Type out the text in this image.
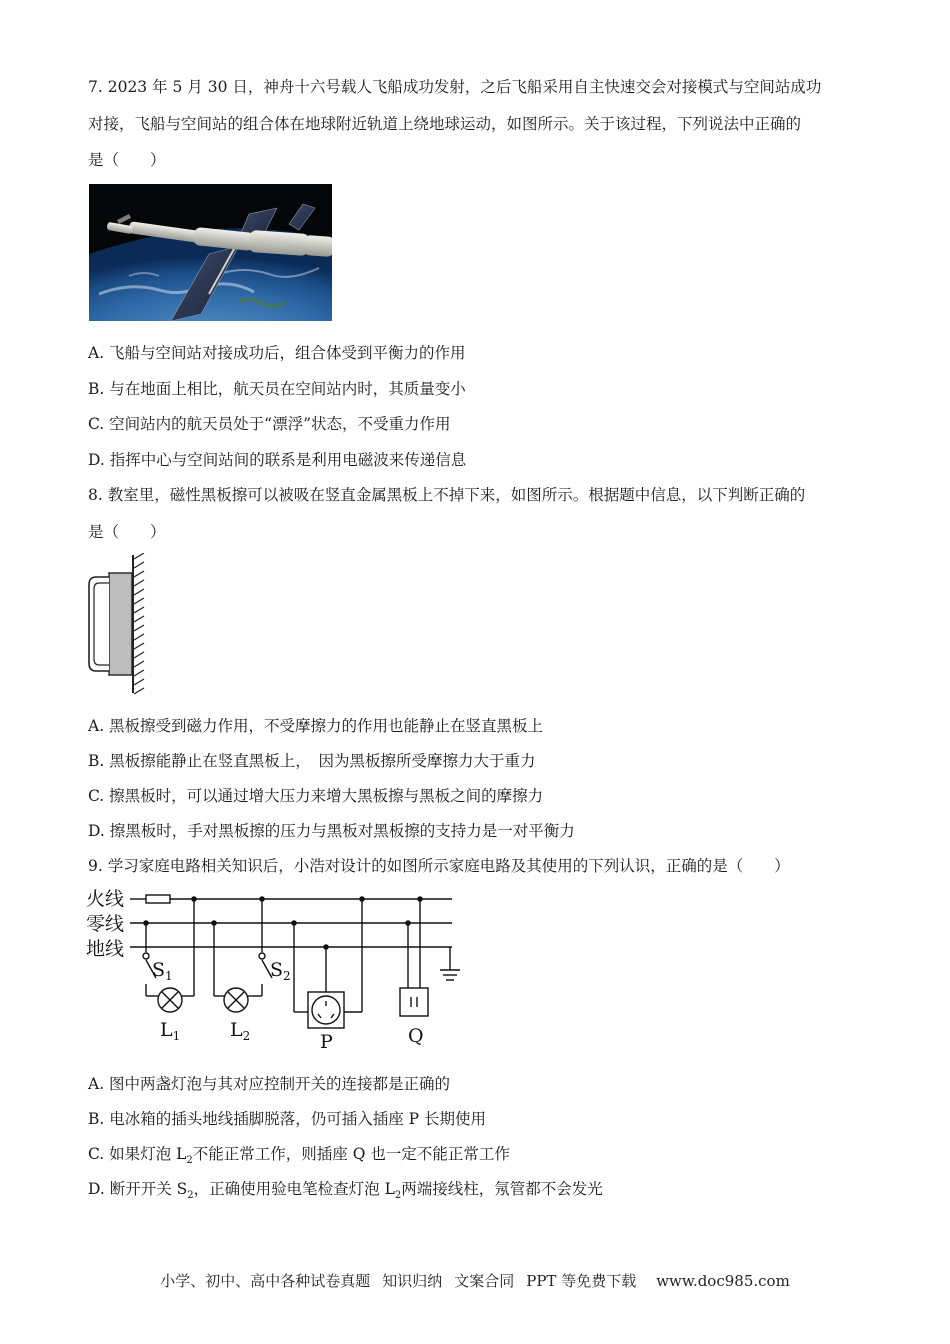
7. 2023 年 5 月 30 日，神舟十六号载人飞船成功发射，之后飞船采用自主快速交会对接模式与空间站成功
对接，飞船与空间站的组合体在地球附近轨道上绕地球运动，如图所示。关于该过程，下列说法中正确的
是（　　）
A. 飞船与空间站对接成功后，组合体受到平衡力的作用
B. 与在地面上相比，航天员在空间站内时，其质量变小
C. 空间站内的航天员处于“漂浮”状态，不受重力作用
D. 指挥中心与空间站间的联系是利用电磁波来传递信息
8. 教室里，磁性黑板擦可以被吸在竖直金属黑板上不掉下来，如图所示。根据题中信息，以下判断正确的
是（　　）
A. 黑板擦受到磁力作用，不受摩擦力的作用也能静止在竖直黑板上
B. 黑板擦能静止在竖直黑板上，　因为黑板擦所受摩擦力大于重力
C. 擦黑板时，可以通过增大压力来增大黑板擦与黑板之间的摩擦力
D. 擦黑板时，手对黑板擦的压力与黑板对黑板擦的支持力是一对平衡力
9. 学习家庭电路相关知识后，小浩对设计的如图所示家庭电路及其使用的下列认识，正确的是（　　）
火线
零线
地线
$S_1$	$S_2$
$L_1$	$L_2$	P	Q
A. 图中两盏灯泡与其对应控制开关的连接都是正确的
B. 电冰箱的插头地线插脚脱落，仍可插入插座 P 长期使用
C. 如果灯泡 $L_2$不能正常工作，则插座 Q 也一定不能正常工作
D. 断开开关 $S_2$，正确使用验电笔检查灯泡 $L_2$两端接线柱，氖管都不会发光
小学、初中、高中各种试卷真题 知识归纳 文案合同 PPT 等免费下载 www.doc985.com
